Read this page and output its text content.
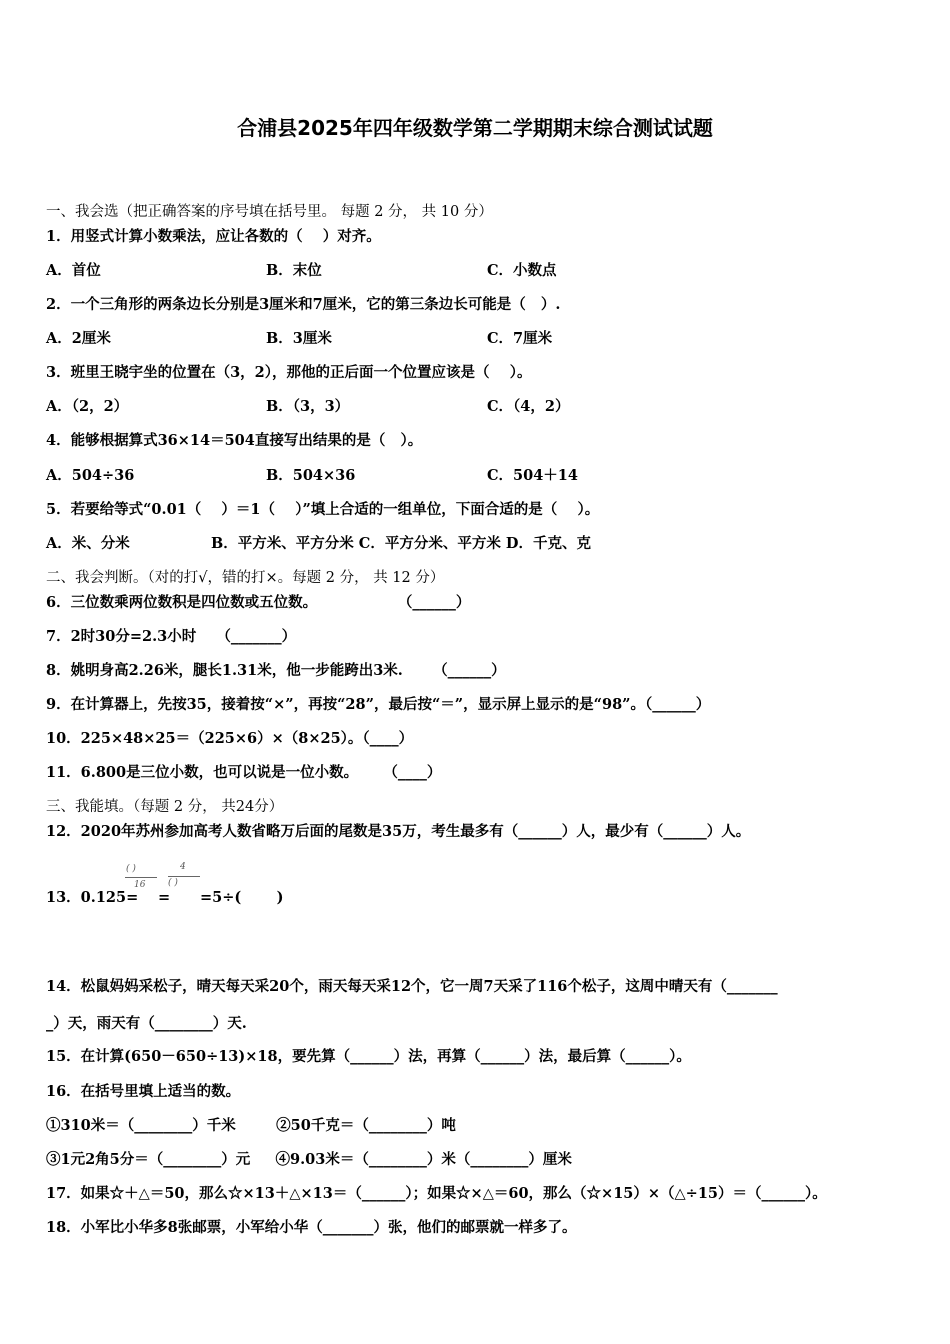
合浦县2025年四年级数学第二学期期末综合测试试题
一、我会选（把正确答案的序号填在括号里。 每题 2 分， 共 10 分）
1．用竖式计算小数乘法，应让各数的（    ）对齐。
A．首位	B．末位	C．小数点
2．一个三角形的两条边长分别是3厘米和7厘米，它的第三条边长可能是（   ）.
A．2厘米	B．3厘米	C．7厘米
3．班里王晓宇坐的位置在（3，2），那他的正后面一个位置应该是（    ）。
A．（2，2）	B．（3，3）	C．（4，2）
4．能够根据算式36×14＝504直接写出结果的是（   ）。
A．504÷36	B．504×36	C．504＋14
5．若要给等式“0.01（    ）＝1（    ）”填上合适的一组单位，下面合适的是（    ）。
A．米、分米	B．平方米、平方分米 C．平方分米、平方米 D．千克、克
二、我会判断。（对的打√，错的打×。每题 2 分， 共 12 分）
6．三位数乘两位数积是四位数或五位数。                （______）
7．2时30分=2.3小时    （_______）
8．姚明身高2.26米，腿长1.31米，他一步能跨出3米.      （______）
9．在计算器上，先按35，接着按“×”，再按“28”，最后按“＝”，显示屏上显示的是“98”。（______）
10．225×48×25＝（225×6）×（8×25）。（____）
11．6.800是三位小数，也可以说是一位小数。     （____）
三、我能填。（每题 2 分， 共24分）
12．2020年苏州参加高考人数省略万后面的尾数是35万，考生最多有（______）人，最少有（______）人。
13．0.125=
( )
16
=
4
( )
=5÷(       )
14．松鼠妈妈采松子，晴天每天采20个，雨天每天采12个，它一周7天采了116个松子，这周中晴天有（_______
_）天，雨天有（________）天.
15．在计算(650－650÷13)×18，要先算（______）法，再算（______）法，最后算（______）。
16．在括号里填上适当的数。
①310米＝（________）千米        ②50千克＝（________）吨
③1元2角5分＝（________）元     ④9.03米＝（________）米（________）厘米
17．如果☆＋△＝50，那么☆×13＋△×13＝（______）；如果☆×△＝60，那么（☆×15）×（△÷15）＝（______）。
18．小军比小华多8张邮票，小军给小华（_______）张，他们的邮票就一样多了。
